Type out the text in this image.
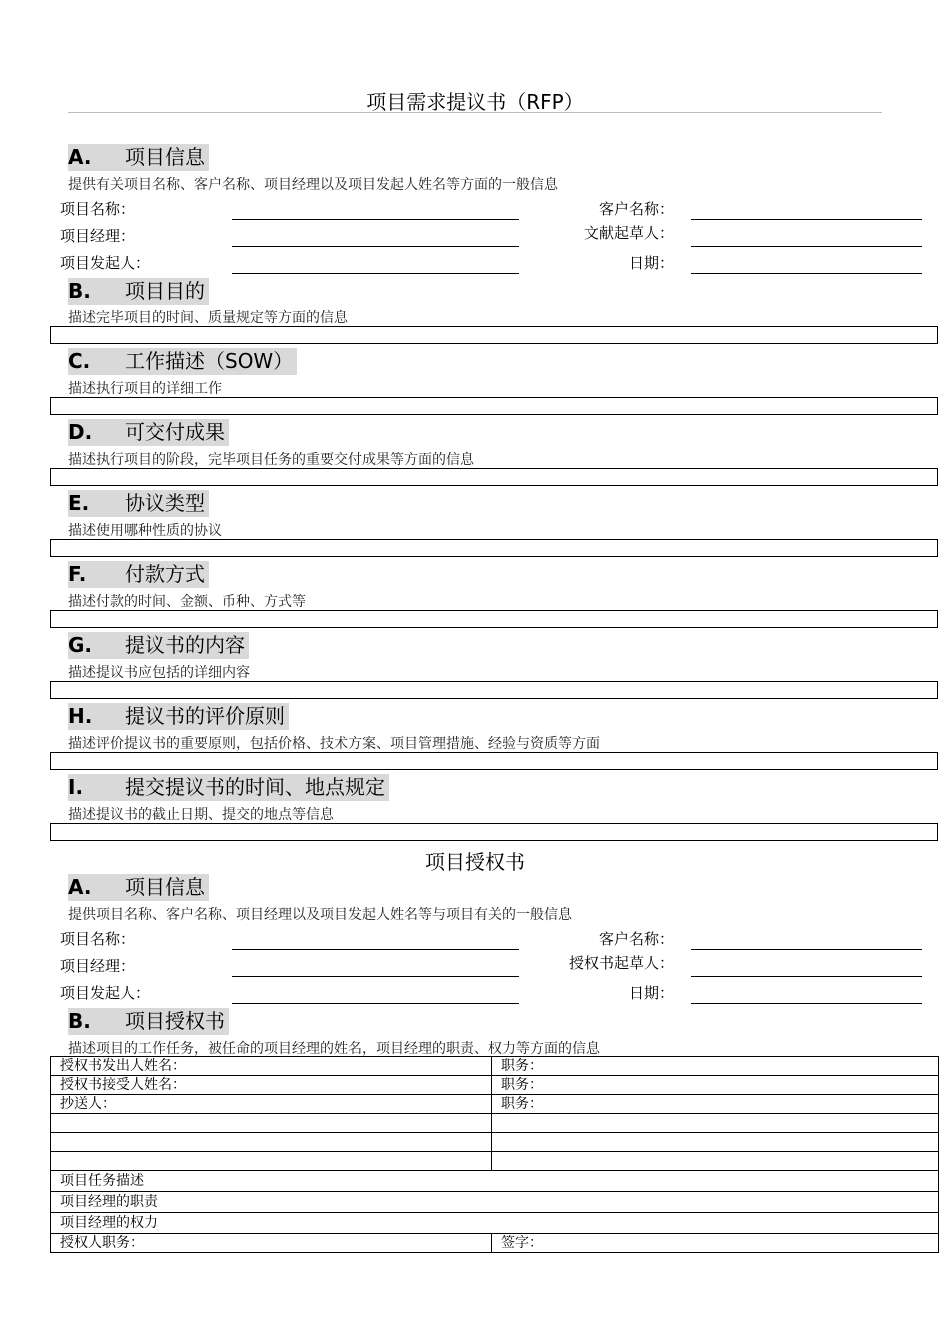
项目需求提议书（RFP）
A. 项目信息
提供有关项目名称、客户名称、项目经理以及项目发起人姓名等方面的一般信息
项目名称：	客户名称：
项目经理：	文献起草人：
项目发起人：	日期：
B. 项目目的
描述完毕项目的时间、质量规定等方面的信息
C. 工作描述（SOW）
描述执行项目的详细工作
D. 可交付成果
描述执行项目的阶段，完毕项目任务的重要交付成果等方面的信息
E. 协议类型
描述使用哪种性质的协议
F. 付款方式
描述付款的时间、金额、币种、方式等
G. 提议书的内容
描述提议书应包括的详细内容
H. 提议书的评价原则
描述评价提议书的重要原则，包括价格、技术方案、项目管理措施、经验与资质等方面
I. 提交提议书的时间、地点规定
描述提议书的截止日期、提交的地点等信息
项目授权书
A. 项目信息
提供项目名称、客户名称、项目经理以及项目发起人姓名等与项目有关的一般信息
项目名称：	客户名称：
项目经理：	授权书起草人：
项目发起人：	日期：
B. 项目授权书
描述项目的工作任务，被任命的项目经理的姓名，项目经理的职责、权力等方面的信息
授权书发出人姓名：	职务：
授权书接受人姓名：	职务：
抄送人：	职务：

项目任务描述	
项目经理的职责	
项目经理的权力	
授权人职务：	签字：
